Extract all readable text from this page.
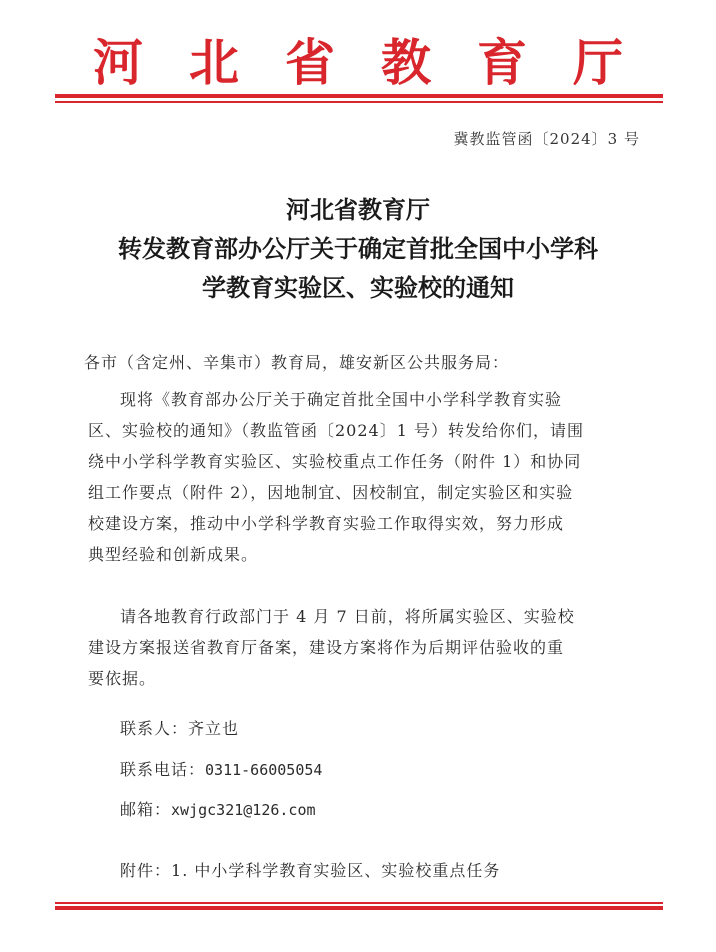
河北省教育厅
冀教监管函〔2024〕3 号
河北省教育厅
转发教育部办公厅关于确定首批全国中小学科
学教育实验区、实验校的通知
各市（含定州、辛集市）教育局，雄安新区公共服务局：
现将《教育部办公厅关于确定首批全国中小学科学教育实验
区、实验校的通知》（教监管函〔2024〕1 号）转发给你们，请围
绕中小学科学教育实验区、实验校重点工作任务（附件 1）和协同
组工作要点（附件 2），因地制宜、因校制宜，制定实验区和实验
校建设方案，推动中小学科学教育实验工作取得实效，努力形成
典型经验和创新成果。
请各地教育行政部门于 4 月 7 日前，将所属实验区、实验校
建设方案报送省教育厅备案，建设方案将作为后期评估验收的重
要依据。
联系人：齐立也
联系电话：0311-66005054
邮箱：xwjgc321@126.com
附件：1. 中小学科学教育实验区、实验校重点任务
